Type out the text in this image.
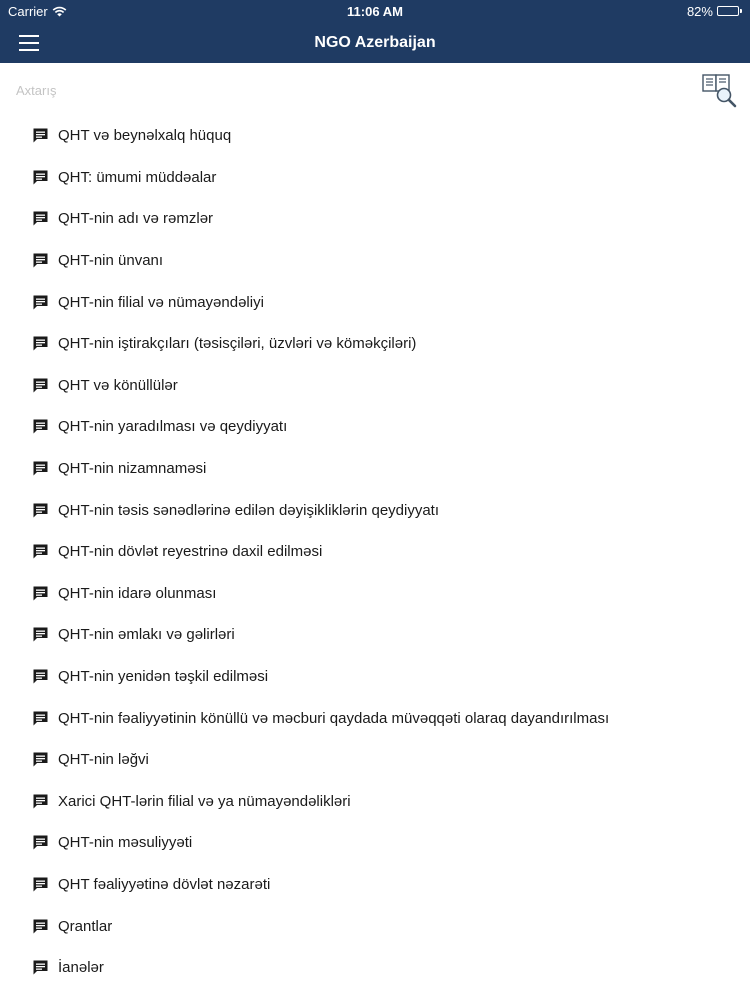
Carrier	11:06 AM	82%
NGO Azerbaijan
Axtarış
QHT və beynəlxalq hüquq
QHT: ümumi müddəalar
QHT-nin adı və rəmzlər
QHT-nin ünvanı
QHT-nin filial və nümayəndəliyi
QHT-nin iştirakçıları (təsisçiləri, üzvləri və köməkçiləri)
QHT və könüllülər
QHT-nin yaradılması və qeydiyyatı
QHT-nin nizamnaməsi
QHT-nin təsis sənədlərinə edilən dəyişikliklərin qeydiyyatı
QHT-nin dövlət reyestrinə daxil edilməsi
QHT-nin idarə olunması
QHT-nin əmlakı və gəlirləri
QHT-nin yenidən təşkil edilməsi
QHT-nin fəaliyyətinin könüllü və məcburi qaydada müvəqqəti olaraq dayandırılması
QHT-nin ləğvi
Xarici QHT-lərin filial və ya nümayəndəlikləri
QHT-nin məsuliyyəti
QHT fəaliyyətinə dövlət nəzarəti
Qrantlar
İanələr
